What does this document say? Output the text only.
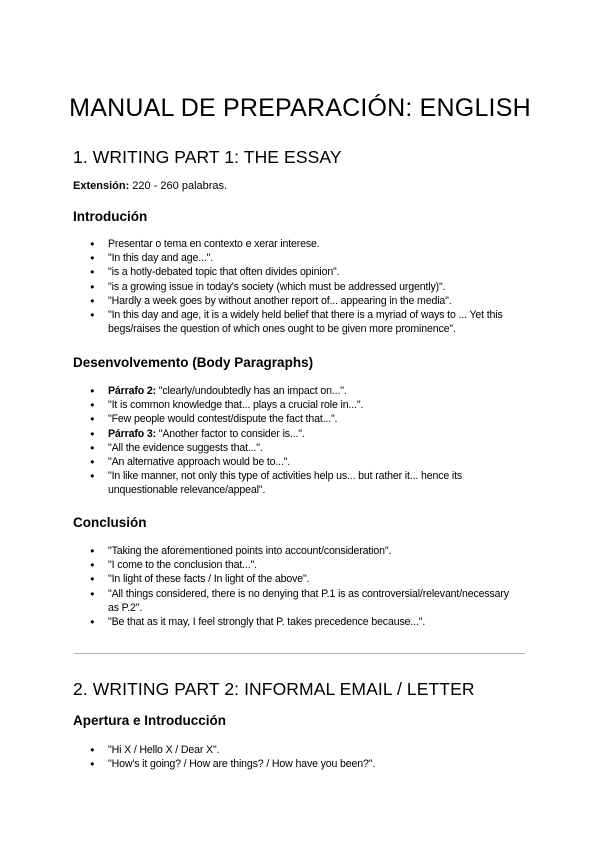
MANUAL DE PREPARACIÓN: ENGLISH
1. WRITING PART 1: THE ESSAY

Extensión: 220 - 260 palabras.

Introdución
● Presentar o tema en contexto e xerar interese.
● "In this day and age...".
● "is a hotly-debated topic that often divides opinion".
● "is a growing issue in today's society (which must be addressed urgently)".
● "Hardly a week goes by without another report of... appearing in the media".
● "In this day and age, it is a widely held belief that there is a myriad of ways to ... Yet this begs/raises the question of which ones ought to be given more prominence".
Desenvolvemento (Body Paragraphs)
● Párrafo 2: "clearly/undoubtedly has an impact on...".
● "It is common knowledge that... plays a crucial role in...".
● "Few people would contest/dispute the fact that...".
● Párrafo 3: "Another factor to consider is...".
● "All the evidence suggests that...".
● "An alternative approach would be to...".
● "In like manner, not only this type of activities help us... but rather it... hence its unquestionable relevance/appeal".
Conclusión
● "Taking the aforementioned points into account/consideration".
● "I come to the conclusion that...".
● "In light of these facts / In light of the above".
● "All things considered, there is no denying that P.1 is as controversial/relevant/necessary as P.2".
● "Be that as it may, I feel strongly that P. takes precedence because...".
2. WRITING PART 2: INFORMAL EMAIL / LETTER
Apertura e Introducción
● "Hi X / Hello X / Dear X".
● "How's it going? / How are things? / How have you been?".
